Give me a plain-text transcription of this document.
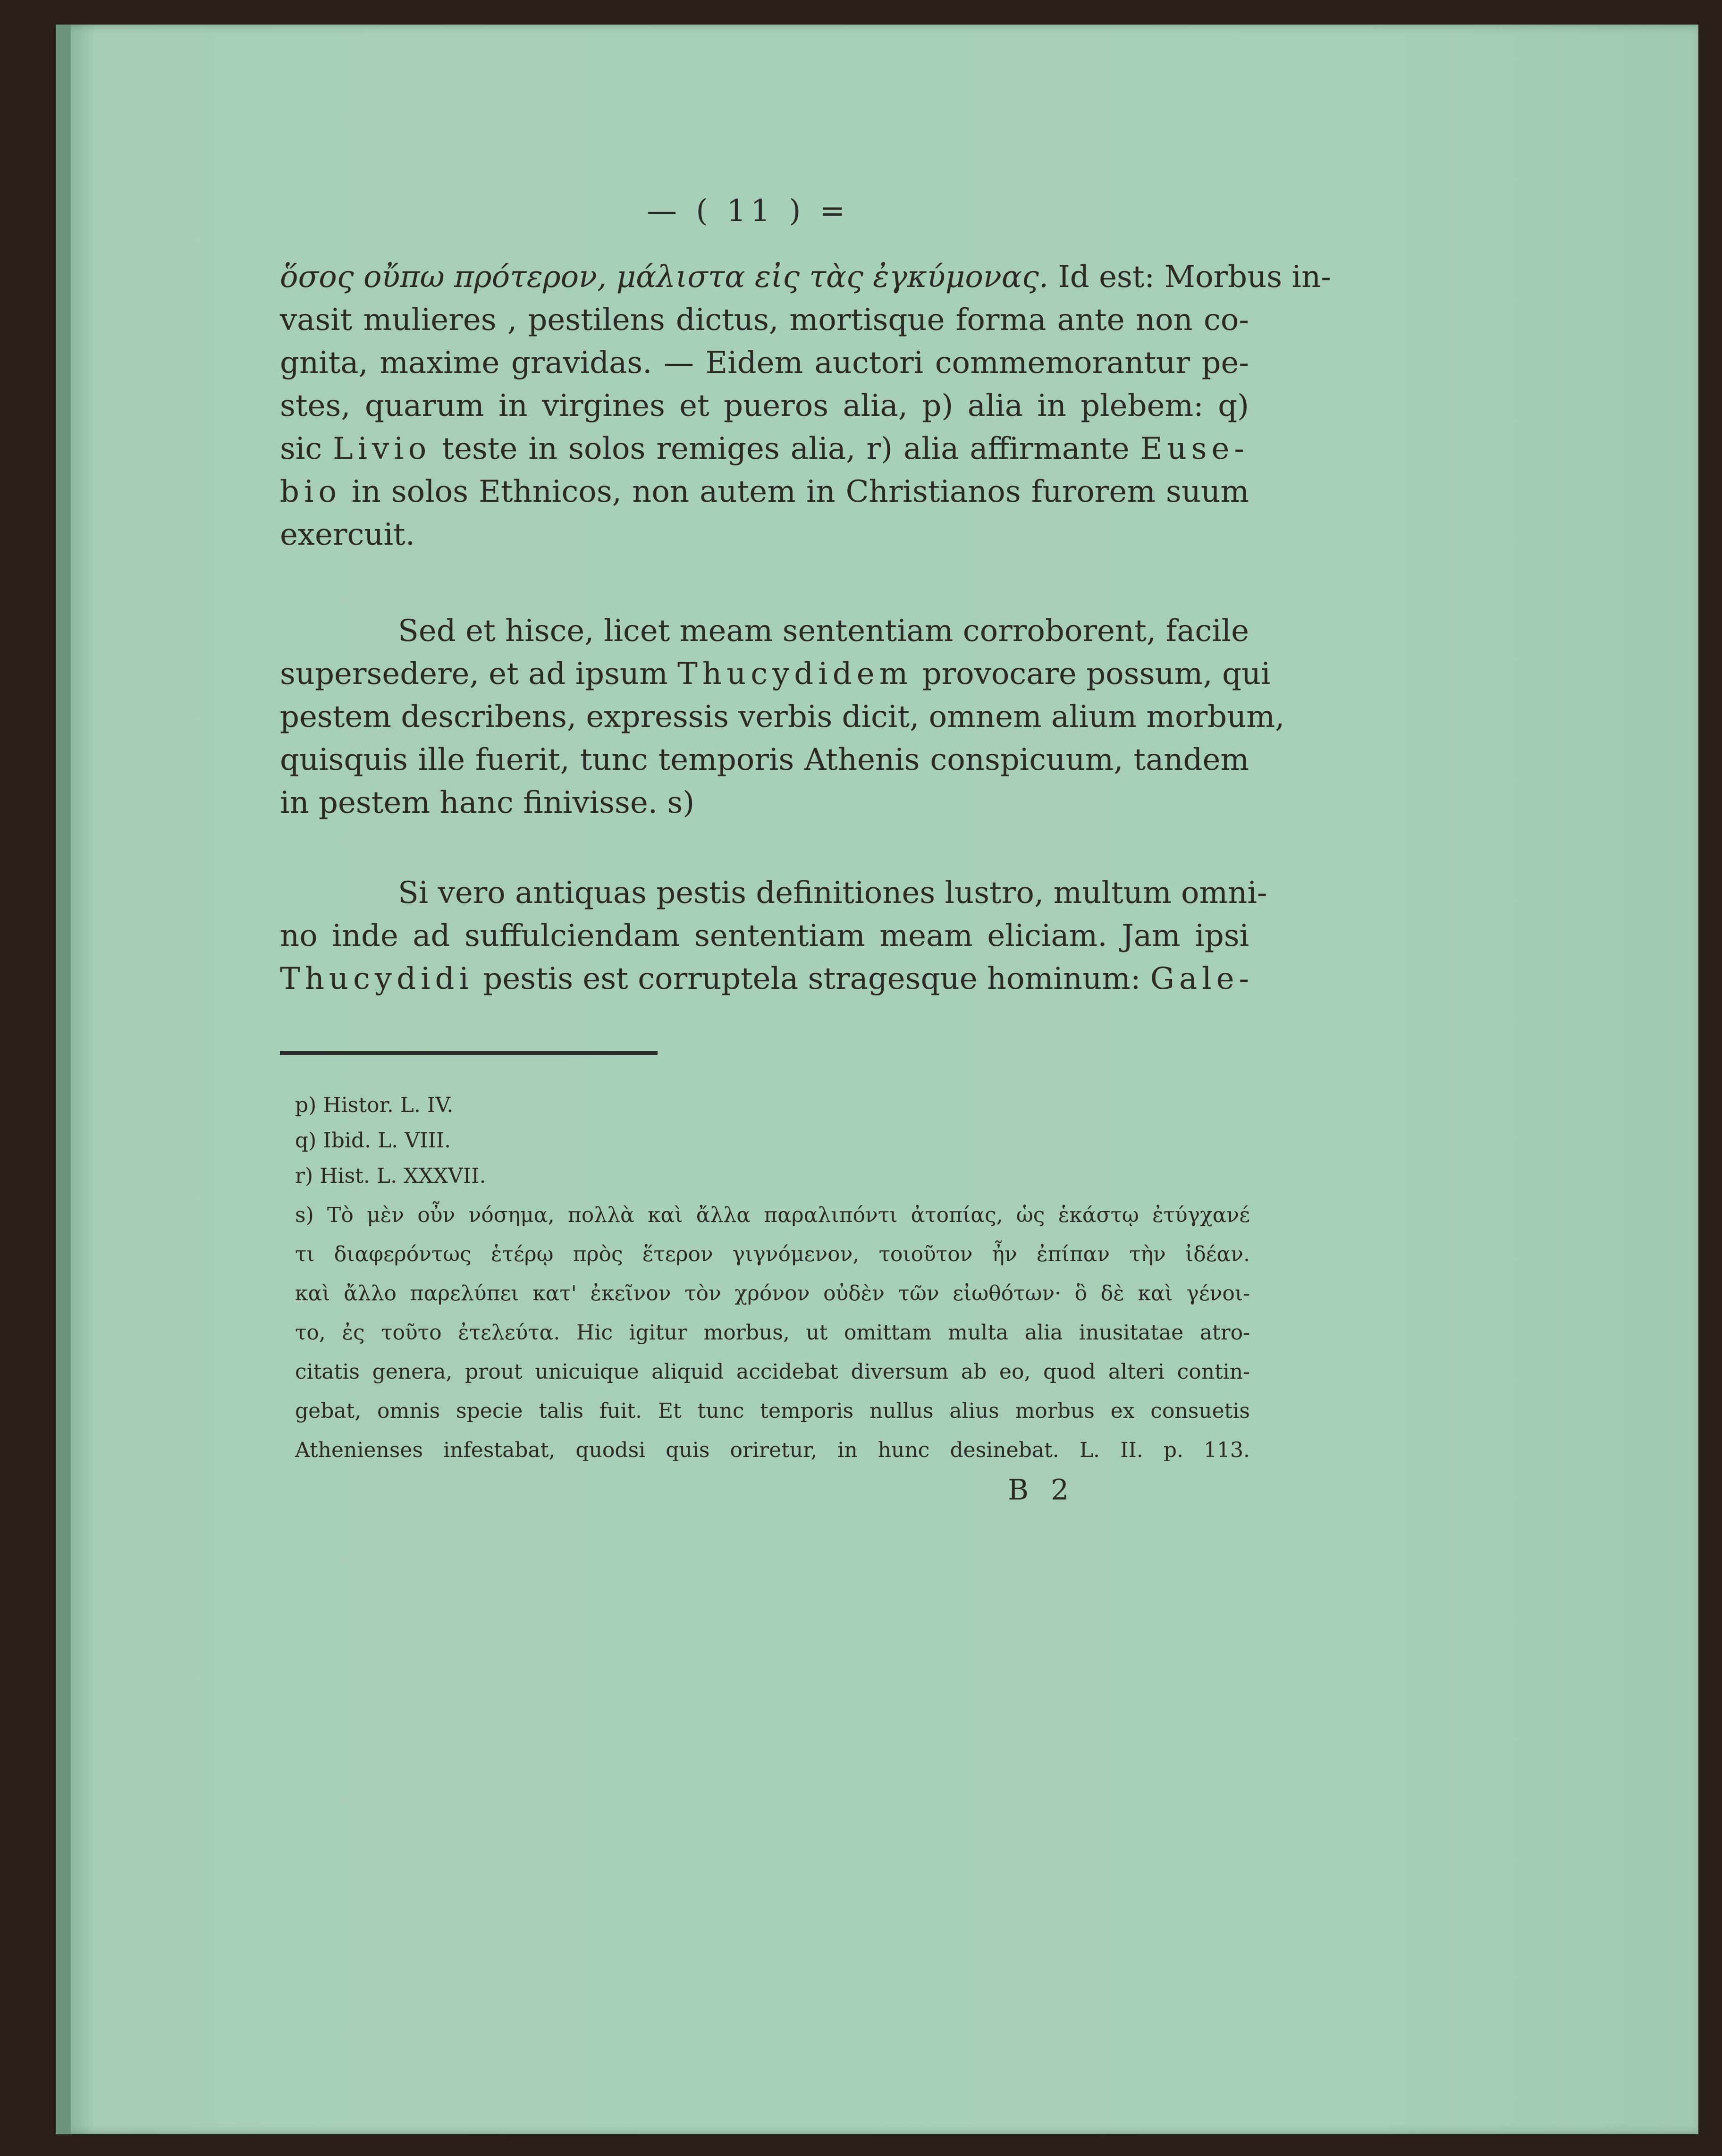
— ( 11 ) =
ὅσος οὔπω πρότερον, μάλιστα εἰς τὰς ἐγκύμονας. Id est: Morbus in-
vasit mulieres , pestilens dictus, mortisque forma ante non co-
gnita, maxime gravidas. — Eidem auctori commemorantur pe-
stes, quarum in virgines et pueros alia, p) alia in plebem: q)
sic Livio teste in solos remiges alia, r) alia affirmante Euse-
bio in solos Ethnicos, non autem in Christianos furorem suum
exercuit.
Sed et hisce, licet meam sententiam corroborent, facile
supersedere, et ad ipsum Thucydidem provocare possum, qui
pestem describens, expressis verbis dicit, omnem alium morbum,
quisquis ille fuerit, tunc temporis Athenis conspicuum, tandem
in pestem hanc finivisse. s)
Si vero antiquas pestis definitiones lustro, multum omni-
no inde ad suffulciendam sententiam meam eliciam. Jam ipsi
Thucydidi pestis est corruptela stragesque hominum: Gale-
p) Histor. L. IV.
q) Ibid. L. VIII.
r) Hist. L. XXXVII.
s) Τὸ μὲν οὖν νόσημα, πολλὰ καὶ ἄλλα παραλιπόντι ἀτοπίας, ὡς ἑκάστῳ ἐτύγχανέ
τι διαφερόντως ἑτέρῳ πρὸς ἕτερον γιγνόμενον, τοιοῦτον ἦν ἐπίπαν τὴν ἰδέαν.
καὶ ἄλλο παρελύπει κατ' ἐκεῖνον τὸν χρόνον οὐδὲν τῶν εἰωθότων· ὃ δὲ καὶ γένοι-
το, ἐς τοῦτο ἐτελεύτα. Hic igitur morbus, ut omittam multa alia inusitatae atro-
citatis genera, prout unicuique aliquid accidebat diversum ab eo, quod alteri contin-
gebat, omnis specie talis fuit. Et tunc temporis nullus alius morbus ex consuetis
Athenienses infestabat, quodsi quis oriretur, in hunc desinebat. L. II. p. 113.
B 2
